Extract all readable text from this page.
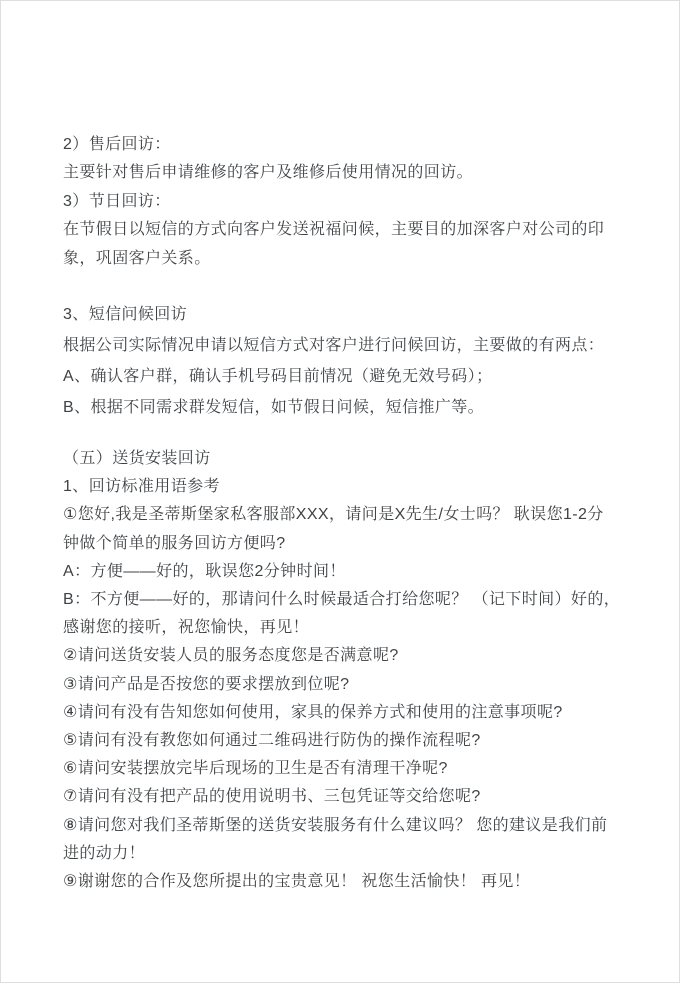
2）售后回访：
主要针对售后申请维修的客户及维修后使用情况的回访。
3）节日回访：
在节假日以短信的方式向客户发送祝福问候，主要目的加深客户对公司的印
象，巩固客户关系。
3、短信问候回访
根据公司实际情况申请以短信方式对客户进行问候回访，主要做的有两点：
A、确认客户群，确认手机号码目前情况（避免无效号码）；
B、根据不同需求群发短信，如节假日问候，短信推广等。
（五）送货安装回访
1、回访标准用语参考
①您好,我是圣蒂斯堡家私客服部XXX，请问是X先生/女士吗？ 耿误您1-2分
钟做个简单的服务回访方便吗?
A：方便——好的，耿误您2分钟时间！
B：不方便——好的，那请问什么时候最适合打给您呢？ （记下时间）好的，
感谢您的接听，祝您愉快，再见！
②请问送货安装人员的服务态度您是否满意呢?
③请问产品是否按您的要求摆放到位呢?
④请问有没有告知您如何使用，家具的保养方式和使用的注意事项呢?
⑤请问有没有教您如何通过二维码进行防伪的操作流程呢?
⑥请问安装摆放完毕后现场的卫生是否有清理干净呢?
⑦请问有没有把产品的使用说明书、三包凭证等交给您呢?
⑧请问您对我们圣蒂斯堡的送货安装服务有什么建议吗？ 您的建议是我们前
进的动力！
⑨谢谢您的合作及您所提出的宝贵意见！ 祝您生活愉快！ 再见！
